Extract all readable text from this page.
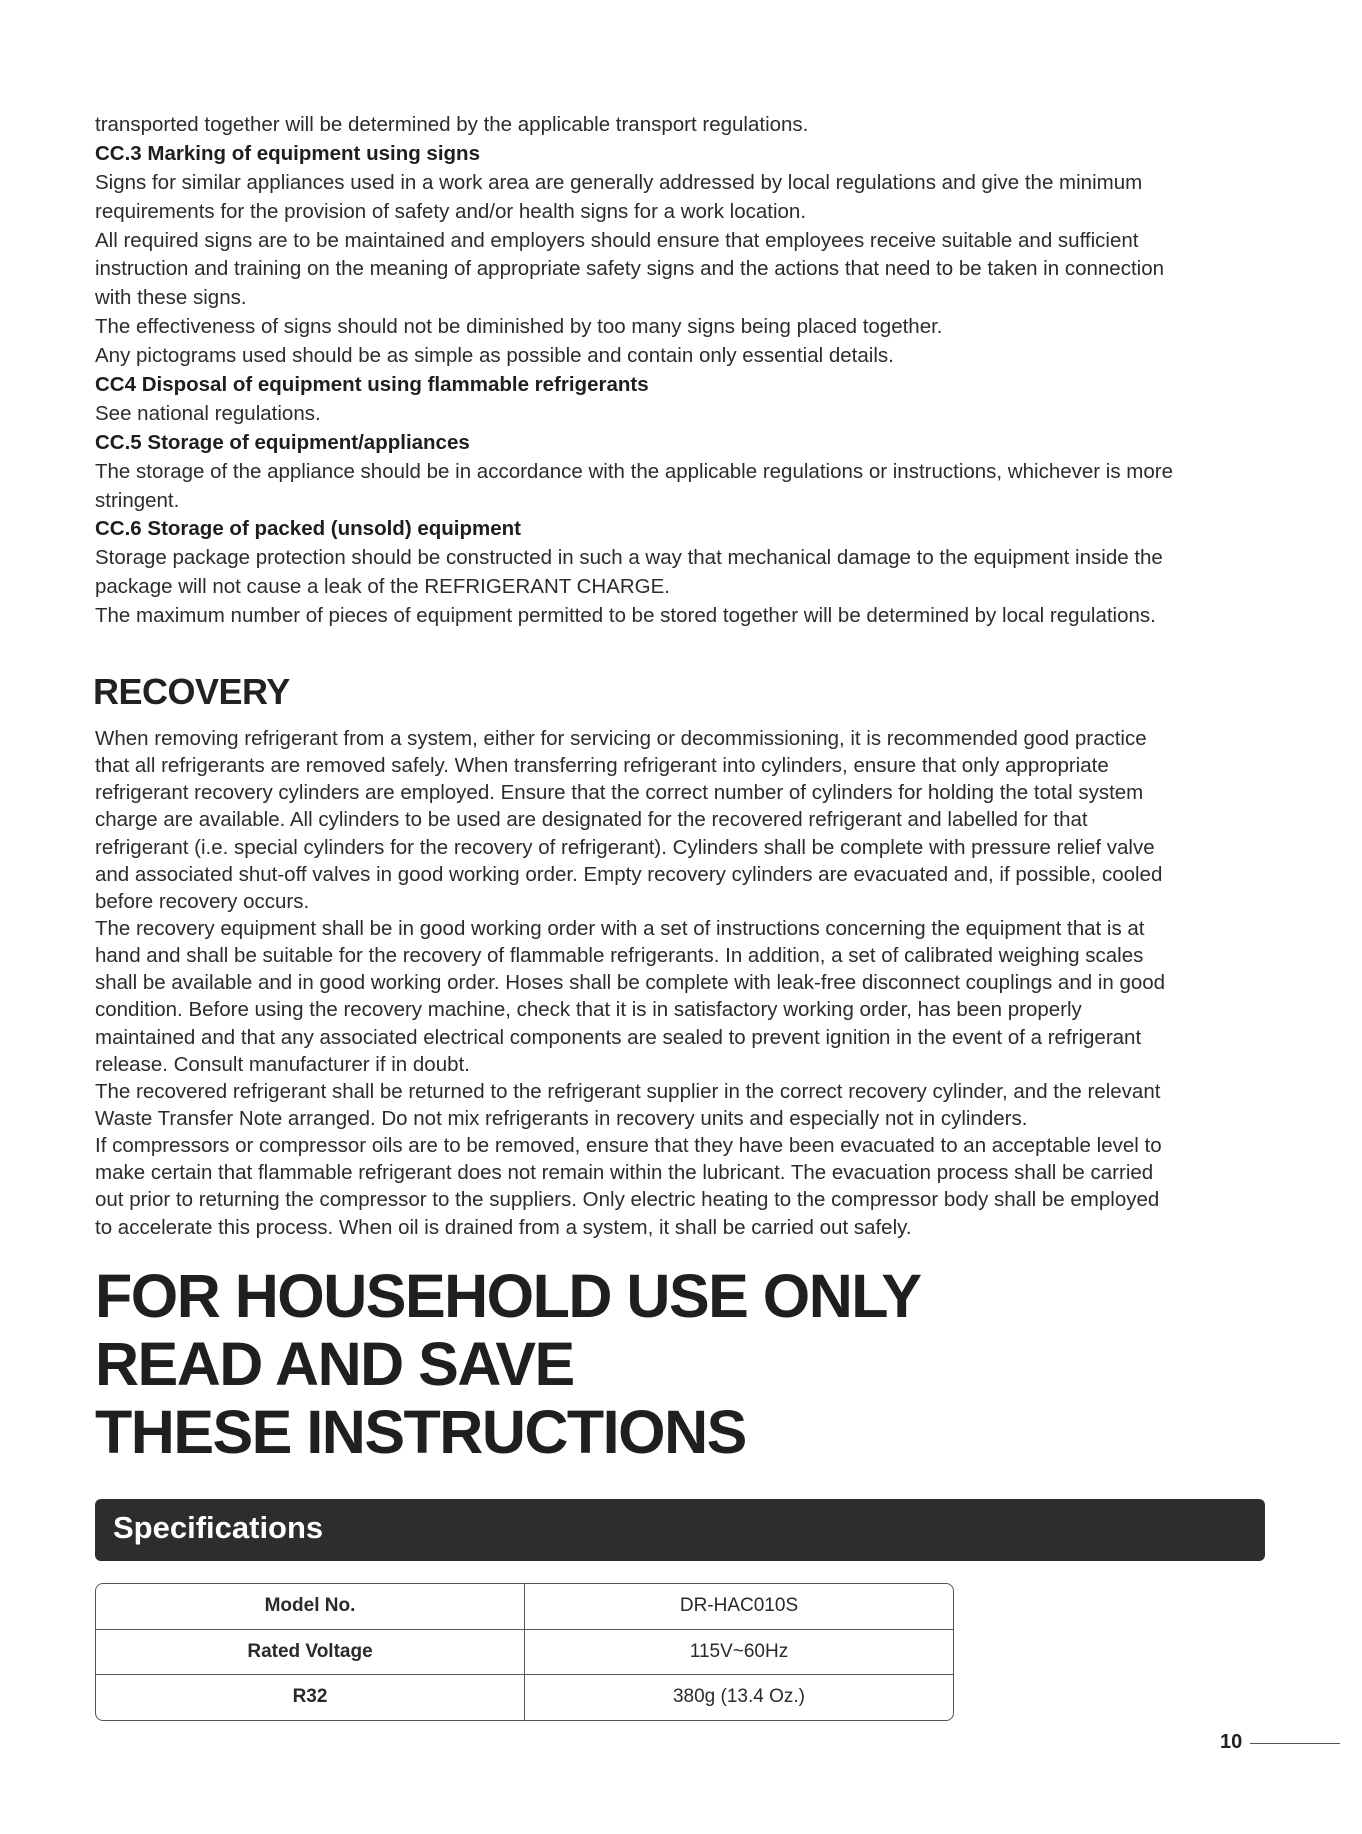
transported together will be determined by the applicable transport regulations.
CC.3 Marking of equipment using signs
Signs for similar appliances used in a work area are generally addressed by local regulations and give the minimum
requirements for the provision of safety and/or health signs for a work location.
All required signs are to be maintained and employers should ensure that employees receive suitable and sufficient
instruction and training on the meaning of appropriate safety signs and the actions that need to be taken in connection
with these signs.
The effectiveness of signs should not be diminished by too many signs being placed together.
Any pictograms used should be as simple as possible and contain only essential details.
CC4 Disposal of equipment using flammable refrigerants
See national regulations.
CC.5 Storage of equipment/appliances
The storage of the appliance should be in accordance with the applicable regulations or instructions, whichever is more
stringent.
CC.6 Storage of packed (unsold) equipment
Storage package protection should be constructed in such a way that mechanical damage to the equipment inside the
package will not cause a leak of the REFRIGERANT CHARGE.
The maximum number of pieces of equipment permitted to be stored together will be determined by local regulations.
RECOVERY
When removing refrigerant from a system, either for servicing or decommissioning, it is recommended good practice
that all refrigerants are removed safely. When transferring refrigerant into cylinders, ensure that only appropriate
refrigerant recovery cylinders are employed. Ensure that the correct number of cylinders for holding the total system
charge are available. All cylinders to be used are designated for the recovered refrigerant and labelled for that
refrigerant (i.e. special cylinders for the recovery of refrigerant). Cylinders shall be complete with pressure relief valve
and associated shut-off valves in good working order. Empty recovery cylinders are evacuated and, if possible, cooled
before recovery occurs.
The recovery equipment shall be in good working order with a set of instructions concerning the equipment that is at
hand and shall be suitable for the recovery of flammable refrigerants. In addition, a set of calibrated weighing scales
shall be available and in good working order. Hoses shall be complete with leak-free disconnect couplings and in good
condition. Before using the recovery machine, check that it is in satisfactory working order, has been properly
maintained and that any associated electrical components are sealed to prevent ignition in the event of a refrigerant
release. Consult manufacturer if in doubt.
The recovered refrigerant shall be returned to the refrigerant supplier in the correct recovery cylinder, and the relevant
Waste Transfer Note arranged. Do not mix refrigerants in recovery units and especially not in cylinders.
If compressors or compressor oils are to be removed, ensure that they have been evacuated to an acceptable level to
make certain that flammable refrigerant does not remain within the lubricant. The evacuation process shall be carried
out prior to returning the compressor to the suppliers. Only electric heating to the compressor body shall be employed
to accelerate this process. When oil is drained from a system, it shall be carried out safely.
FOR HOUSEHOLD USE ONLY
READ AND SAVE
THESE INSTRUCTIONS
Specifications
Model No.	DR-HAC010S
Rated Voltage	115V~60Hz
R32	380g (13.4 Oz.)
10
